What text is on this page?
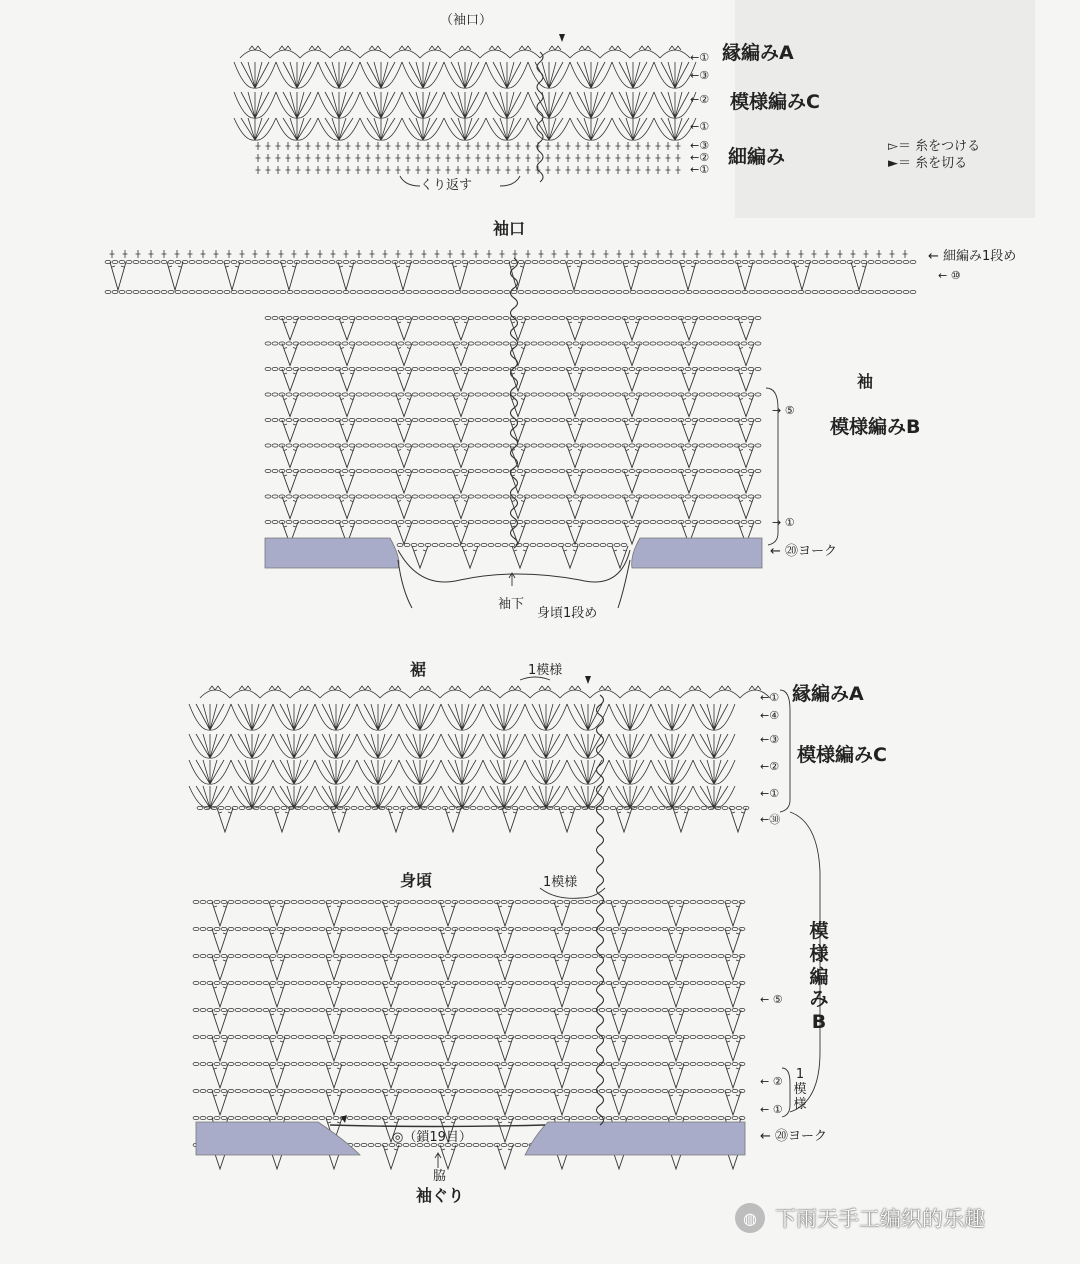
（袖口）
←①
←③
←②
←①
←③
←②
←①
縁編みA
模様編みC
細編み
くり返す
▻＝ 糸をつける
►＝ 糸を切る
袖口
← 細編み1段め
← ⑩
袖
模様編みB
→ ⑤
→ ①
← ⑳ヨーク
袖下
身頃1段め
裾	1模様
縁編みA
←①
←④
←③
←②
←①
←㉚
模様編みC
身頃	1模様
模
様
編
み
B
← ⑤
← ②
← ①
1
模
様
← ⑳ヨーク
◎（鎖19目）
脇
袖ぐり
◍ 下雨天手工编织的乐趣
